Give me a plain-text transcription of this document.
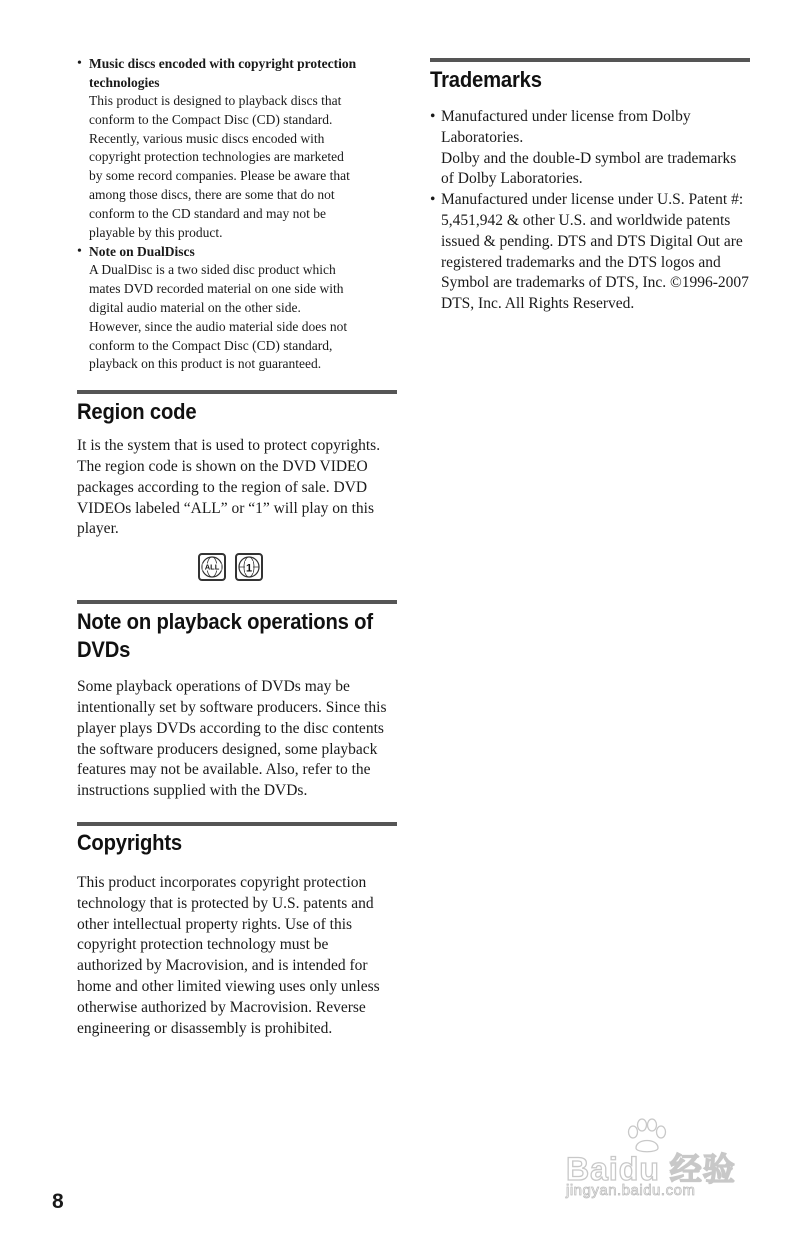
• Music discs encoded with copyright protection technologies
This product is designed to playback discs that
conform to the Compact Disc (CD) standard.
Recently, various music discs encoded with
copyright protection technologies are marketed
by some record companies. Please be aware that
among those discs, there are some that do not
conform to the CD standard and may not be
playable by this product.
• Note on DualDiscs
A DualDisc is a two sided disc product which
mates DVD recorded material on one side with
digital audio material on the other side.
However, since the audio material side does not
conform to the Compact Disc (CD) standard,
playback on this product is not guaranteed.
Region code

It is the system that is used to protect copyrights. The region code is shown on the DVD VIDEO packages according to the region of sale. DVD VIDEOs labeled “ALL” or “1” will play on this player.

ALL 1
Note on playback operations of DVDs

Some playback operations of DVDs may be intentionally set by software producers. Since this player plays DVDs according to the disc contents the software producers designed, some playback features may not be available. Also, refer to the instructions supplied with the DVDs.

Copyrights

This product incorporates copyright protection technology that is protected by U.S. patents and other intellectual property rights. Use of this copyright protection technology must be authorized by Macrovision, and is intended for home and other limited viewing uses only unless otherwise authorized by Macrovision. Reverse engineering or disassembly is prohibited.

Trademarks
• Manufactured under license from Dolby Laboratories.
Dolby and the double-D symbol are trademarks of Dolby Laboratories.
• Manufactured under license under U.S. Patent #: 5,451,942 & other U.S. and worldwide patents issued & pending. DTS and DTS Digital Out are registered trademarks and the DTS logos and Symbol are trademarks of DTS, Inc. ©1996-2007 DTS, Inc. All Rights Reserved.
8
Baidu 经验
jingyan.baidu.com
